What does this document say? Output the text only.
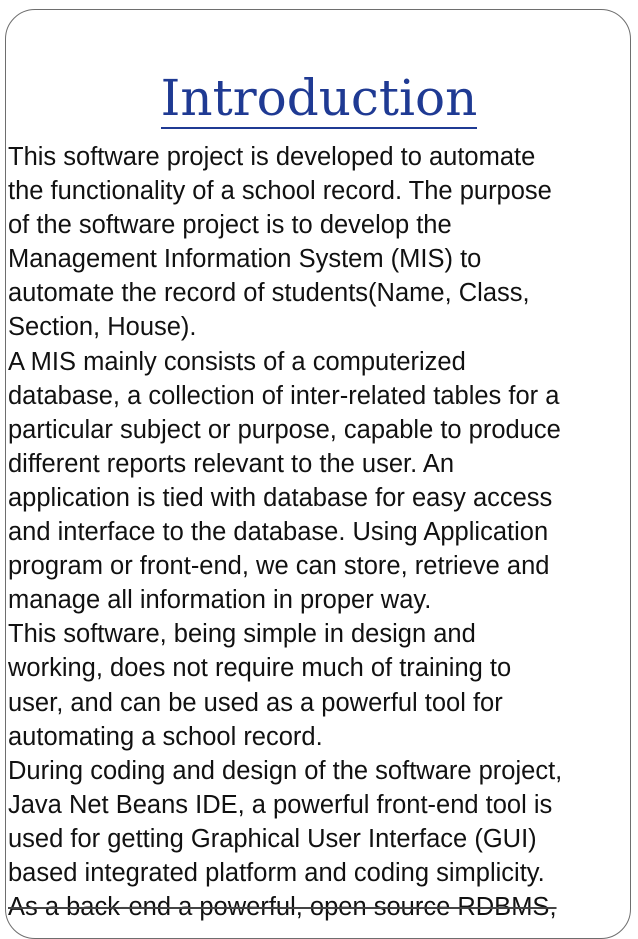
Introduction
This software project is developed to automate
the functionality of a school record. The purpose
of the software project is to develop the
Management Information System (MIS) to
automate the record of students(Name, Class,
Section, House).
A MIS mainly consists of a computerized
database, a collection of inter-related tables for a
particular subject or purpose, capable to produce
different reports relevant to the user. An
application is tied with database for easy access
and interface to the database. Using Application
program or front-end, we can store, retrieve and
manage all information in proper way.
This software, being simple in design and
working, does not require much of training to
user, and can be used as a powerful tool for
automating a school record.
During coding and design of the software project,
Java Net Beans IDE, a powerful front-end tool is
used for getting Graphical User Interface (GUI)
based integrated platform and coding simplicity.
As a back-end a powerful, open source RDBMS,
